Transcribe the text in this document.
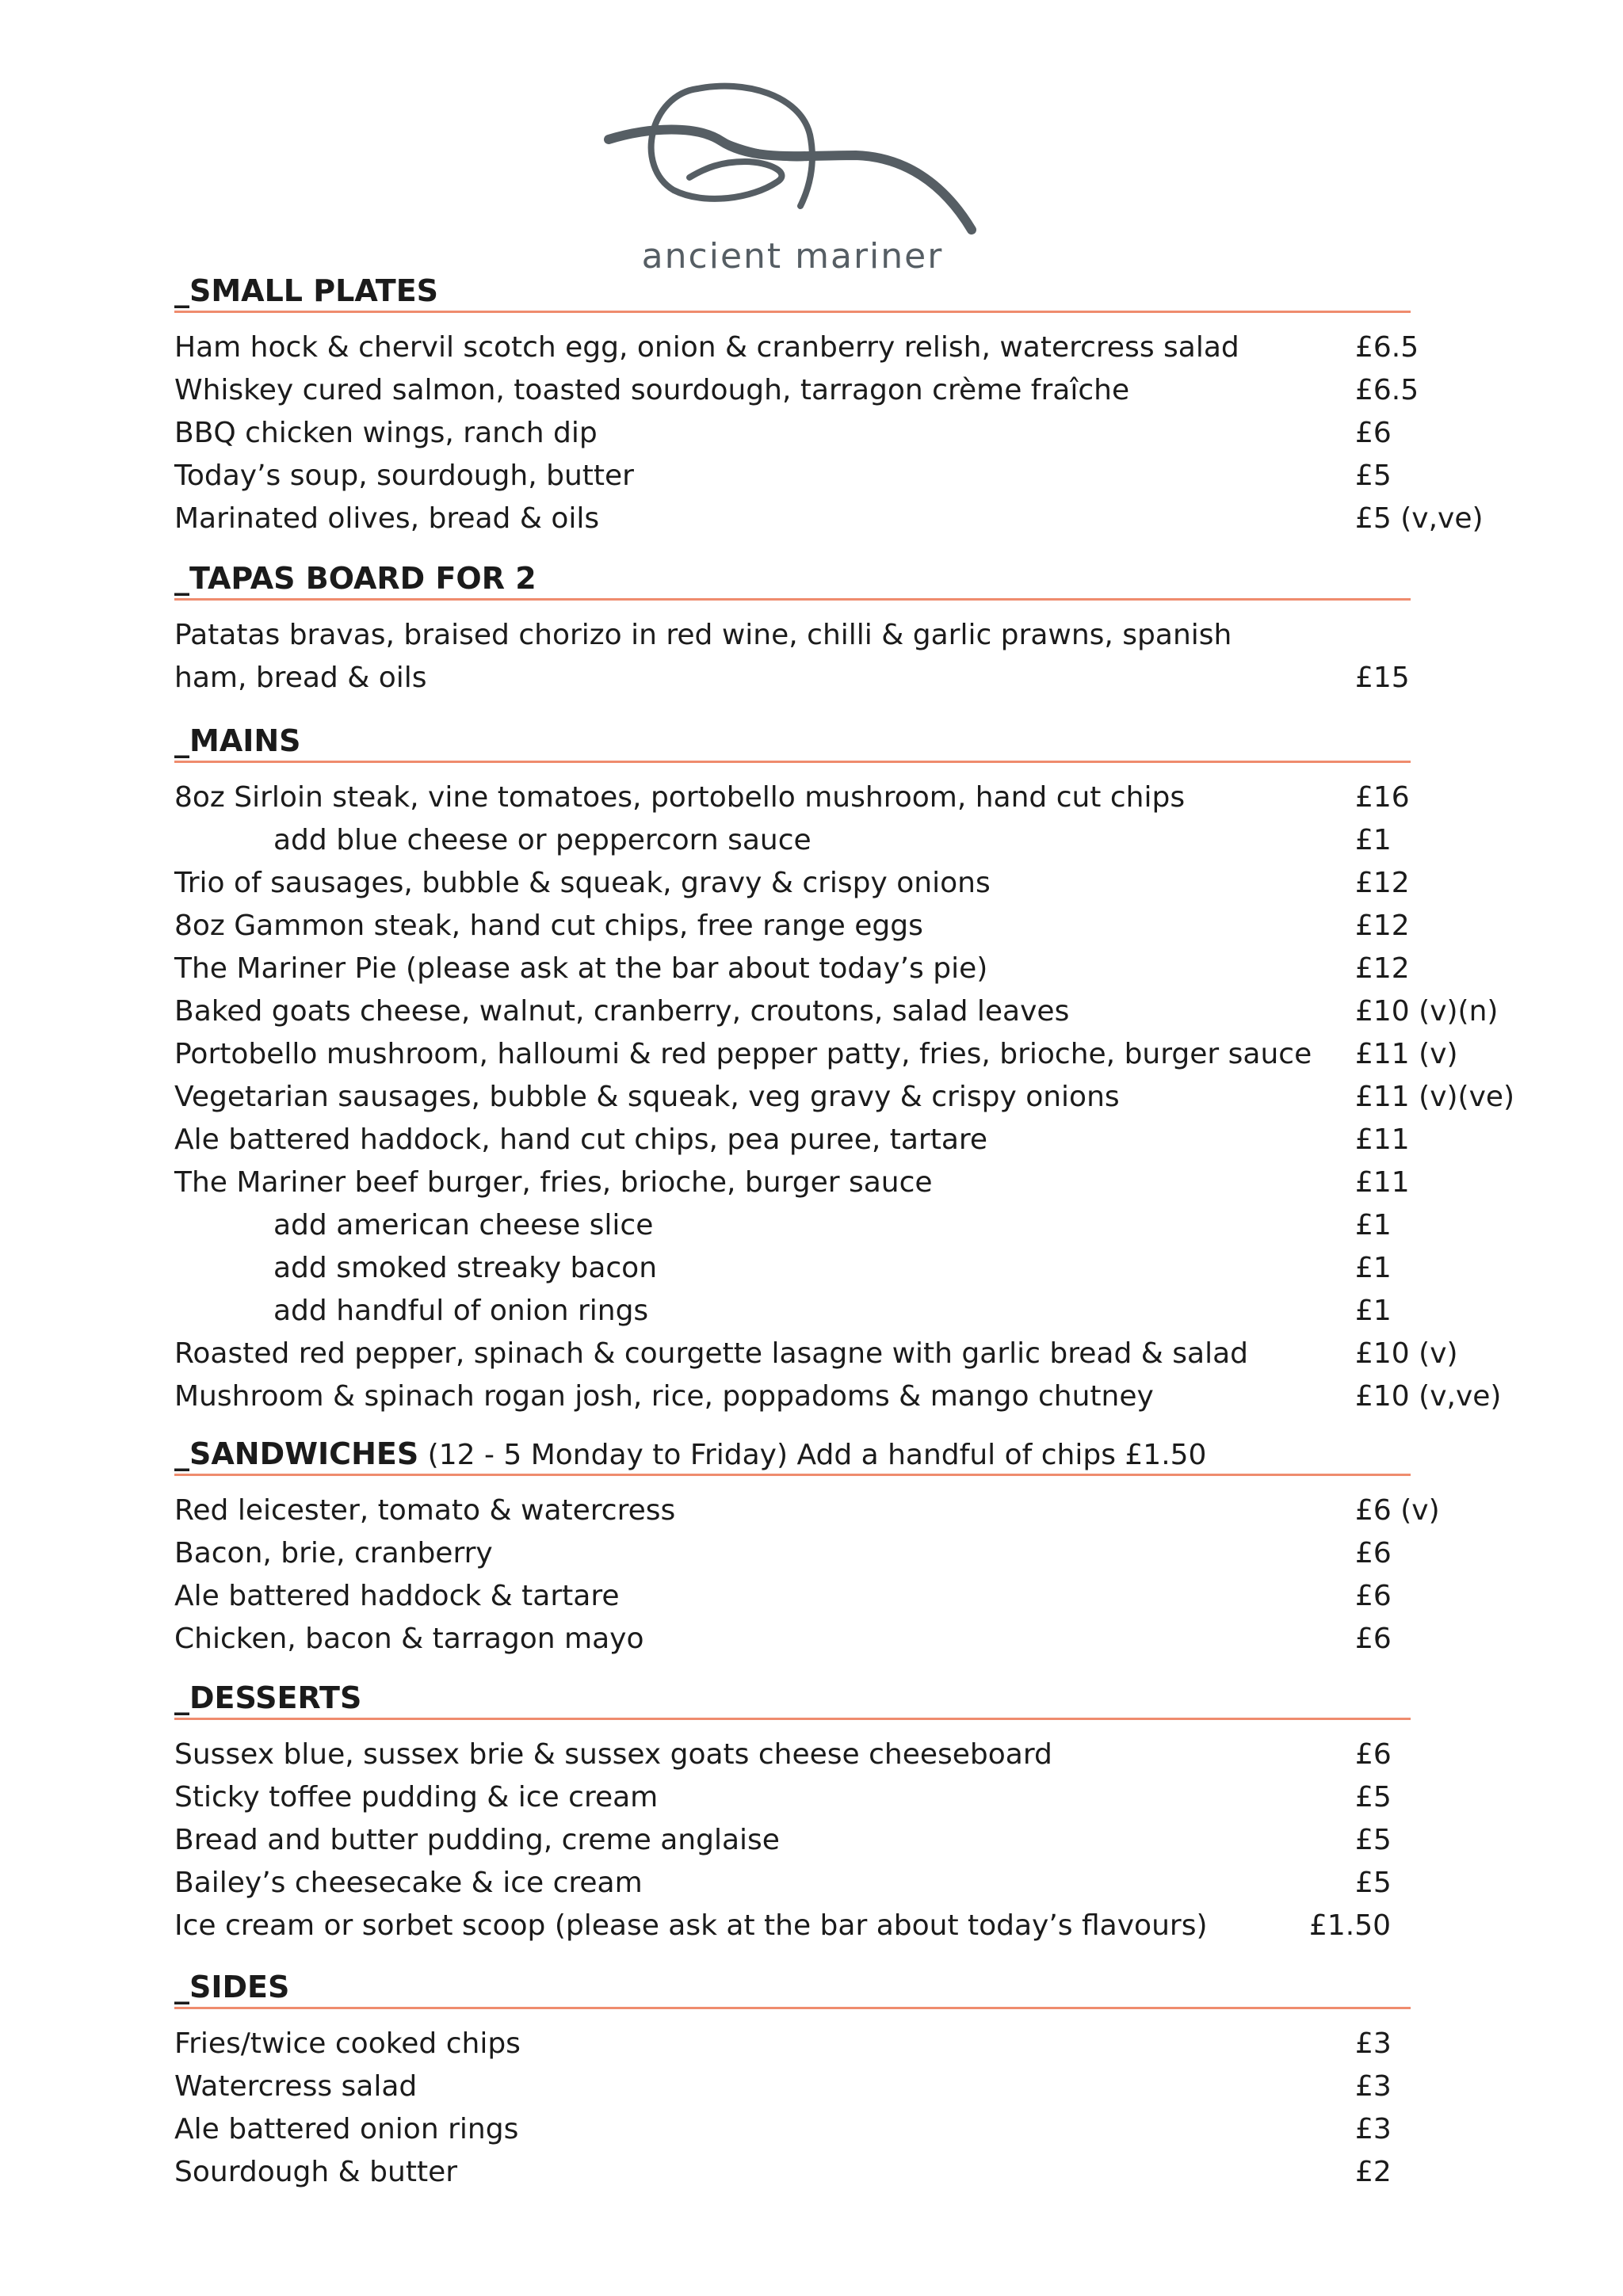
ancient mariner
_SMALL PLATES
Ham hock & chervil scotch egg, onion & cranberry relish, watercress salad	£6.5
Whiskey cured salmon, toasted sourdough, tarragon crème fraîche	£6.5
BBQ chicken wings, ranch dip	£6
Today’s soup, sourdough, butter	£5
Marinated olives, bread & oils	£5 (v,ve)
_TAPAS BOARD FOR 2
Patatas bravas, braised chorizo in red wine, chilli & garlic prawns, spanish ham, bread & oils	£15
_MAINS
8oz Sirloin steak, vine tomatoes, portobello mushroom, hand cut chips	£16
add blue cheese or peppercorn sauce	£1
Trio of sausages, bubble & squeak, gravy & crispy onions	£12
8oz Gammon steak, hand cut chips, free range eggs	£12
The Mariner Pie (please ask at the bar about today’s pie)	£12
Baked goats cheese, walnut, cranberry, croutons, salad leaves	£10 (v)(n)
Portobello mushroom, halloumi & red pepper patty, fries, brioche, burger sauce £11 (v)
Vegetarian sausages, bubble & squeak, veg gravy & crispy onions	£11 (v)(ve)
Ale battered haddock, hand cut chips, pea puree, tartare	£11
The Mariner beef burger, fries, brioche, burger sauce	£11
add american cheese slice	£1
add smoked streaky bacon	£1
add handful of onion rings	£1
Roasted red pepper, spinach & courgette lasagne with garlic bread & salad	£10 (v)
Mushroom & spinach rogan josh, rice, poppadoms & mango chutney	£10 (v,ve)
_SANDWICHES (12 - 5 Monday to Friday) Add a handful of chips £1.50
Red leicester, tomato & watercress	£6 (v)
Bacon, brie, cranberry	£6
Ale battered haddock & tartare	£6
Chicken, bacon & tarragon mayo	£6
_DESSERTS
Sussex blue, sussex brie & sussex goats cheese cheeseboard	£6
Sticky toffee pudding & ice cream	£5
Bread and butter pudding, creme anglaise	£5
Bailey’s cheesecake & ice cream	£5
Ice cream or sorbet scoop (please ask at the bar about today’s flavours)	£1.50
_SIDES
Fries/twice cooked chips	£3
Watercress salad	£3
Ale battered onion rings	£3
Sourdough & butter	£2
